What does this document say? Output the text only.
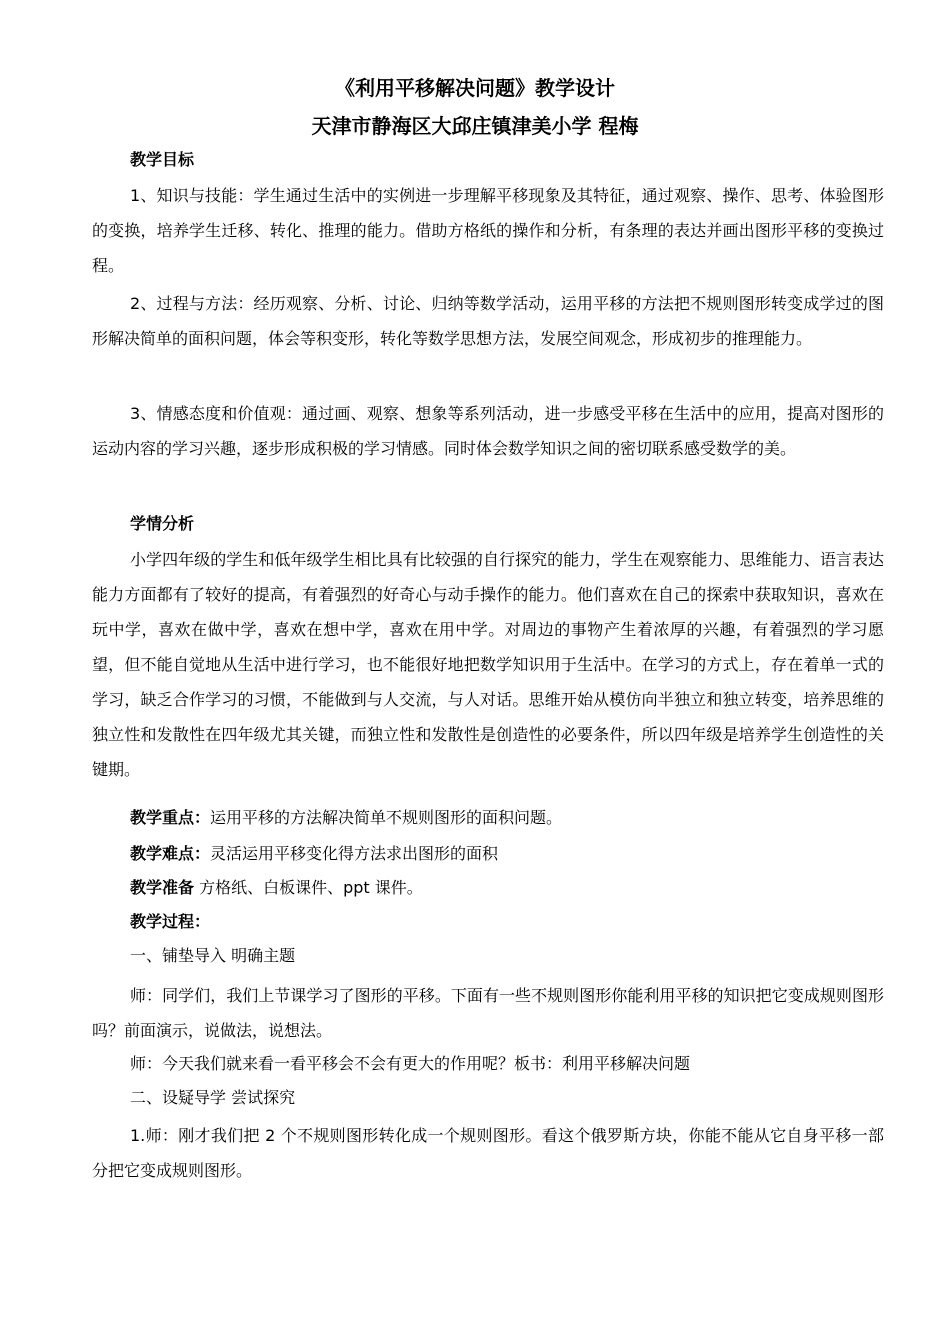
《利用平移解决问题》教学设计
天津市静海区大邱庄镇津美小学 程梅
教学目标

1、知识与技能：学生通过生活中的实例进一步理解平移现象及其特征，通过观察、操作、思考、体验图形的变换，培养学生迁移、转化、推理的能力。借助方格纸的操作和分析，有条理的表达并画出图形平移的变换过程。

2、过程与方法：经历观察、分析、讨论、归纳等数学活动，运用平移的方法把不规则图形转变成学过的图形解决简单的面积问题，体会等积变形，转化等数学思想方法，发展空间观念，形成初步的推理能力。

3、情感态度和价值观：通过画、观察、想象等系列活动，进一步感受平移在生活中的应用，提高对图形的运动内容的学习兴趣，逐步形成积极的学习情感。同时体会数学知识之间的密切联系感受数学的美。

学情分析

小学四年级的学生和低年级学生相比具有比较强的自行探究的能力，学生在观察能力、思维能力、语言表达能力方面都有了较好的提高，有着强烈的好奇心与动手操作的能力。他们喜欢在自己的探索中获取知识，喜欢在玩中学，喜欢在做中学，喜欢在想中学，喜欢在用中学。对周边的事物产生着浓厚的兴趣，有着强烈的学习愿望，但不能自觉地从生活中进行学习，也不能很好地把数学知识用于生活中。在学习的方式上，存在着单一式的学习，缺乏合作学习的习惯，不能做到与人交流，与人对话。思维开始从模仿向半独立和独立转变，培养思维的独立性和发散性在四年级尤其关键，而独立性和发散性是创造性的必要条件，所以四年级是培养学生创造性的关键期。

教学重点：运用平移的方法解决简单不规则图形的面积问题。
教学难点：灵活运用平移变化得方法求出图形的面积
教学准备 方格纸、白板课件、ppt 课件。
教学过程：
一、铺垫导入 明确主题

师：同学们，我们上节课学习了图形的平移。下面有一些不规则图形你能利用平移的知识把它变成规则图形吗？前面演示，说做法，说想法。

师：今天我们就来看一看平移会不会有更大的作用呢？板书：利用平移解决问题
二、设疑导学 尝试探究

1.师：刚才我们把 2 个不规则图形转化成一个规则图形。看这个俄罗斯方块，你能不能从它自身平移一部分把它变成规则图形。
